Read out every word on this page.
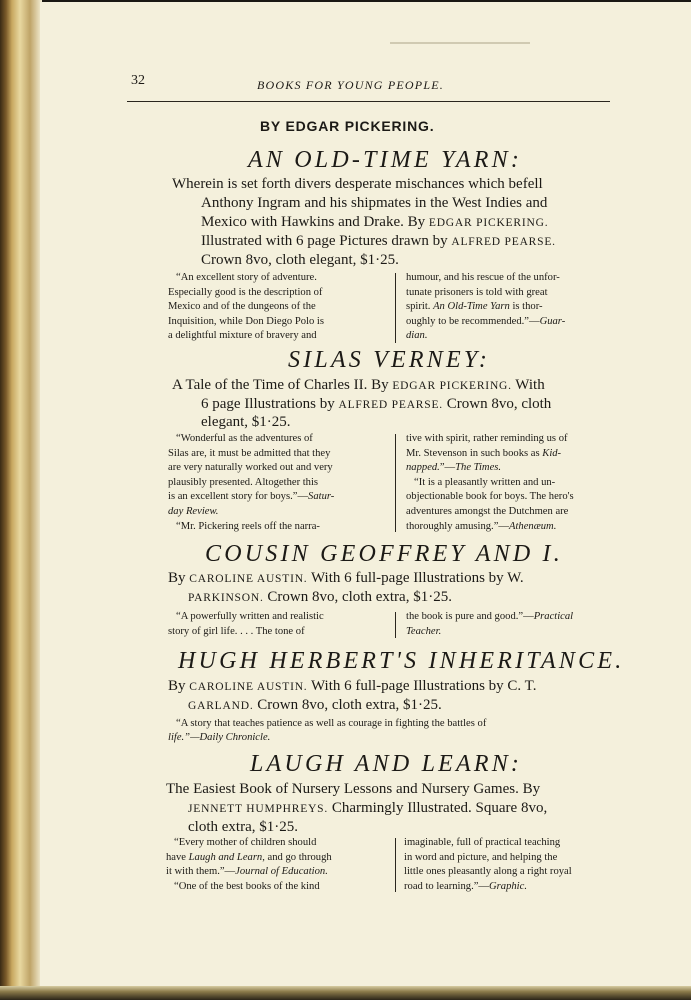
32	BOOKS FOR YOUNG PEOPLE.
BY EDGAR PICKERING.
AN OLD-TIME YARN:
Wherein is set forth divers desperate mischances which befell
Anthony Ingram and his shipmates in the West Indies and
Mexico with Hawkins and Drake. By EDGAR PICKERING.
Illustrated with 6 page Pictures drawn by ALFRED PEARSE.
Crown 8vo, cloth elegant, $1·25.
“An excellent story of adventure.
Especially good is the description of
Mexico and of the dungeons of the
Inquisition, while Don Diego Polo is
a delightful mixture of bravery and
humour, and his rescue of the unfor-
tunate prisoners is told with great
spirit. An Old-Time Yarn is thor-
oughly to be recommended.”—Guar-
dian.
SILAS VERNEY:
A Tale of the Time of Charles II. By EDGAR PICKERING. With
6 page Illustrations by ALFRED PEARSE. Crown 8vo, cloth
elegant, $1·25.
“Wonderful as the adventures of
Silas are, it must be admitted that they
are very naturally worked out and very
plausibly presented. Altogether this
is an excellent story for boys.”—Satur-
day Review.
“Mr. Pickering reels off the narra-
tive with spirit, rather reminding us of
Mr. Stevenson in such books as Kid-
napped.”—The Times.
“It is a pleasantly written and un-
objectionable book for boys. The hero's
adventures amongst the Dutchmen are
thoroughly amusing.”—Athenæum.
COUSIN GEOFFREY AND I.
By CAROLINE AUSTIN. With 6 full-page Illustrations by W.
PARKINSON. Crown 8vo, cloth extra, $1·25.
“A powerfully written and realistic
story of girl life. . . . The tone of
the book is pure and good.”—Practical
Teacher.
HUGH HERBERT'S INHERITANCE.
By CAROLINE AUSTIN. With 6 full-page Illustrations by C. T.
GARLAND. Crown 8vo, cloth extra, $1·25.
“A story that teaches patience as well as courage in fighting the battles of
life.”—Daily Chronicle.
LAUGH AND LEARN:
The Easiest Book of Nursery Lessons and Nursery Games. By
JENNETT HUMPHREYS. Charmingly Illustrated. Square 8vo,
cloth extra, $1·25.
“Every mother of children should
have Laugh and Learn, and go through
it with them.”—Journal of Education.
“One of the best books of the kind
imaginable, full of practical teaching
in word and picture, and helping the
little ones pleasantly along a right royal
road to learning.”—Graphic.
